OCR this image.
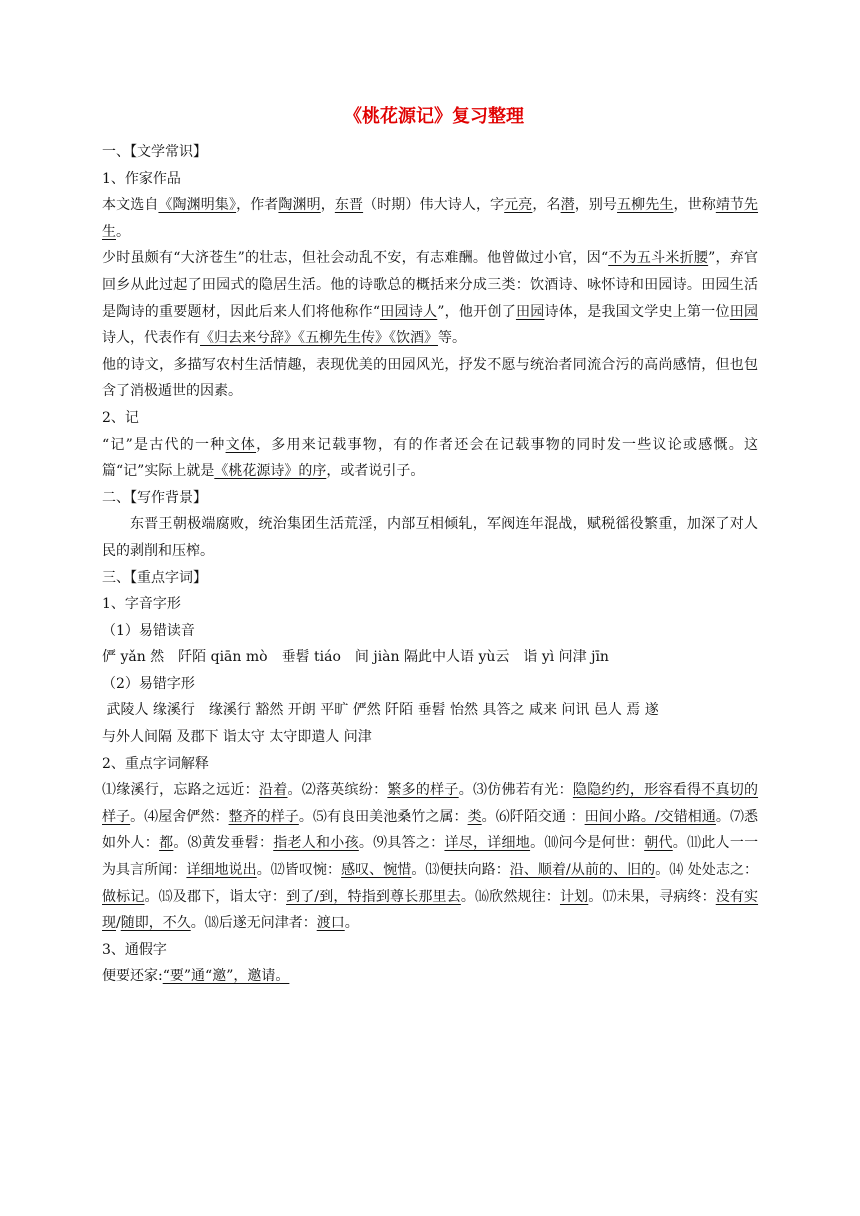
《桃花源记》复习整理
一、【文学常识】
1、作家作品
本文选自《陶渊明集》，作者陶渊明，东晋（时期）伟大诗人，字元亮，名潜，别号五柳先生，世称靖节先生。
少时虽颇有“大济苍生”的壮志，但社会动乱不安，有志难酬。他曾做过小官，因“不为五斗米折腰”，弃官回乡从此过起了田园式的隐居生活。他的诗歌总的概括来分成三类：饮酒诗、咏怀诗和田园诗。田园生活是陶诗的重要题材，因此后来人们将他称作“田园诗人”，他开创了田园诗体，是我国文学史上第一位田园诗人，代表作有《归去来兮辞》《五柳先生传》《饮酒》等。
他的诗文，多描写农村生活情趣，表现优美的田园风光，抒发不愿与统治者同流合污的高尚感情，但也包含了消极遁世的因素。
2、记
“记”是古代的一种文体，多用来记载事物，有的作者还会在记载事物的同时发一些议论或感慨。这篇“记”实际上就是《桃花源诗》的序，或者说引子。
二、【写作背景】
东晋王朝极端腐败，统治集团生活荒淫，内部互相倾轧，军阀连年混战，赋税徭役繁重，加深了对人民的剥削和压榨。
三、【重点字词】
1、字音字形
（1）易错读音
俨 yǎn 然　阡陌 qiān mò　垂髫 tiáo　间 jiàn 隔此中人语 yù云　诣 yì 问津 jīn
（2）易错字形
武陵人 缘溪行　缘溪行 豁然 开朗 平旷 俨然 阡陌 垂髫 怡然 具答之 咸来 问讯 邑人 焉 遂
与外人间隔 及郡下 诣太守 太守即遣人 问津
2、重点字词解释
⑴缘溪行，忘路之远近：沿着。⑵落英缤纷：繁多的样子。⑶仿佛若有光：隐隐约约，形容看得不真切的样子。⑷屋舍俨然：整齐的样子。⑸有良田美池桑竹之属：类。⑹阡陌交通 ：田间小路。/交错相通。⑺悉如外人：都。⑻黄发垂髫：指老人和小孩。⑼具答之：详尽，详细地。⑽问今是何世：朝代。⑾此人一一为具言所闻：详细地说出。⑿皆叹惋：感叹、惋惜。⒀便扶向路：沿、顺着/从前的、旧的。⒁ 处处志之：做标记。⒂及郡下，诣太守：到了/到，特指到尊长那里去。⒃欣然规往：计划。⒄未果，寻病终：没有实现/随即，不久。⒅后遂无问津者：渡口。
3、通假字
便要还家:“要”通“邀”，邀请。
